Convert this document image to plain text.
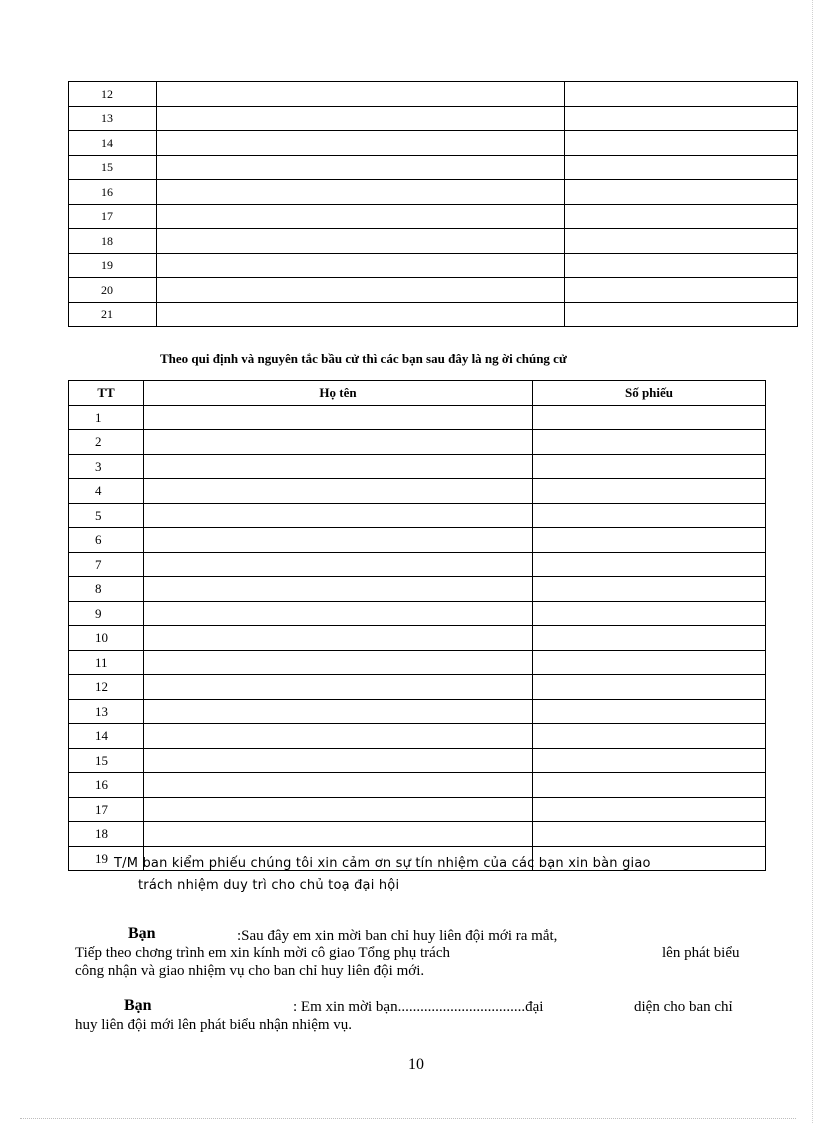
12		
13		
14		
15		
16		
17		
18		
19		
20		
21		
Theo qui định và nguyên tắc bầu cử thì các bạn sau đây là ng ời chúng cử
TT	Họ tên	Số phiếu
1		
2		
3		
4		
5		
6		
7		
8		
9		
10		
11		
12		
13		
14		
15		
16		
17		
18		
19		T/M ban kiểm phiếu chúng tôi xin cảm ơn sự tín nhiệm của các bạn xin bàn giao
trách nhiệm duy trì cho chủ toạ đại hội
Bạn	:Sau đây em xin mời ban chỉ huy liên đội mới ra mắt,
Tiếp theo chơng trình em xin kính mời cô giao Tổng phụ trách	lên phát biểu
công nhận và giao nhiệm vụ cho ban chỉ huy liên đội mới.
Bạn	: Em xin mời bạn..................................đại	diện cho ban chỉ
huy liên đội mới lên phát biểu nhận nhiệm vụ.
10
